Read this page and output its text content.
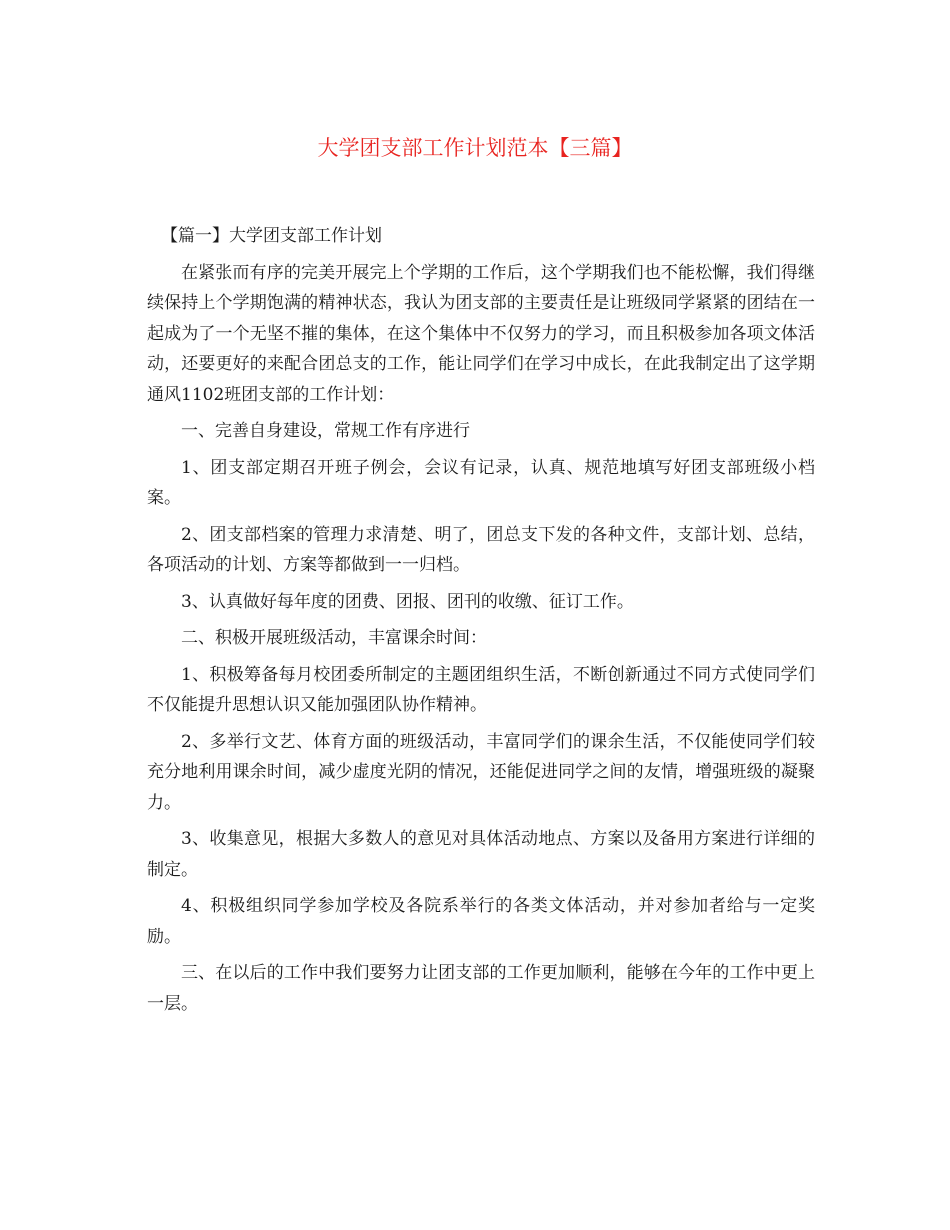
大学团支部工作计划范本【三篇】

【篇一】大学团支部工作计划

在紧张而有序的完美开展完上个学期的工作后，这个学期我们也不能松懈，我们得继续保持上个学期饱满的精神状态，我认为团支部的主要责任是让班级同学紧紧的团结在一起成为了一个无坚不摧的集体，在这个集体中不仅努力的学习，而且积极参加各项文体活动，还要更好的来配合团总支的工作，能让同学们在学习中成长，在此我制定出了这学期通风1102班团支部的工作计划：

一、完善自身建设，常规工作有序进行

1、团支部定期召开班子例会，会议有记录，认真、规范地填写好团支部班级小档案。

2、团支部档案的管理力求清楚、明了，团总支下发的各种文件，支部计划、总结，各项活动的计划、方案等都做到一一归档。

3、认真做好每年度的团费、团报、团刊的收缴、征订工作。

二、积极开展班级活动，丰富课余时间：

1、积极筹备每月校团委所制定的主题团组织生活，不断创新通过不同方式使同学们不仅能提升思想认识又能加强团队协作精神。

2、多举行文艺、体育方面的班级活动，丰富同学们的课余生活，不仅能使同学们较充分地利用课余时间，减少虚度光阴的情况，还能促进同学之间的友情，增强班级的凝聚力。

3、收集意见，根据大多数人的意见对具体活动地点、方案以及备用方案进行详细的制定。

4、积极组织同学参加学校及各院系举行的各类文体活动，并对参加者给与一定奖励。

三、在以后的工作中我们要努力让团支部的工作更加顺利，能够在今年的工作中更上一层。
